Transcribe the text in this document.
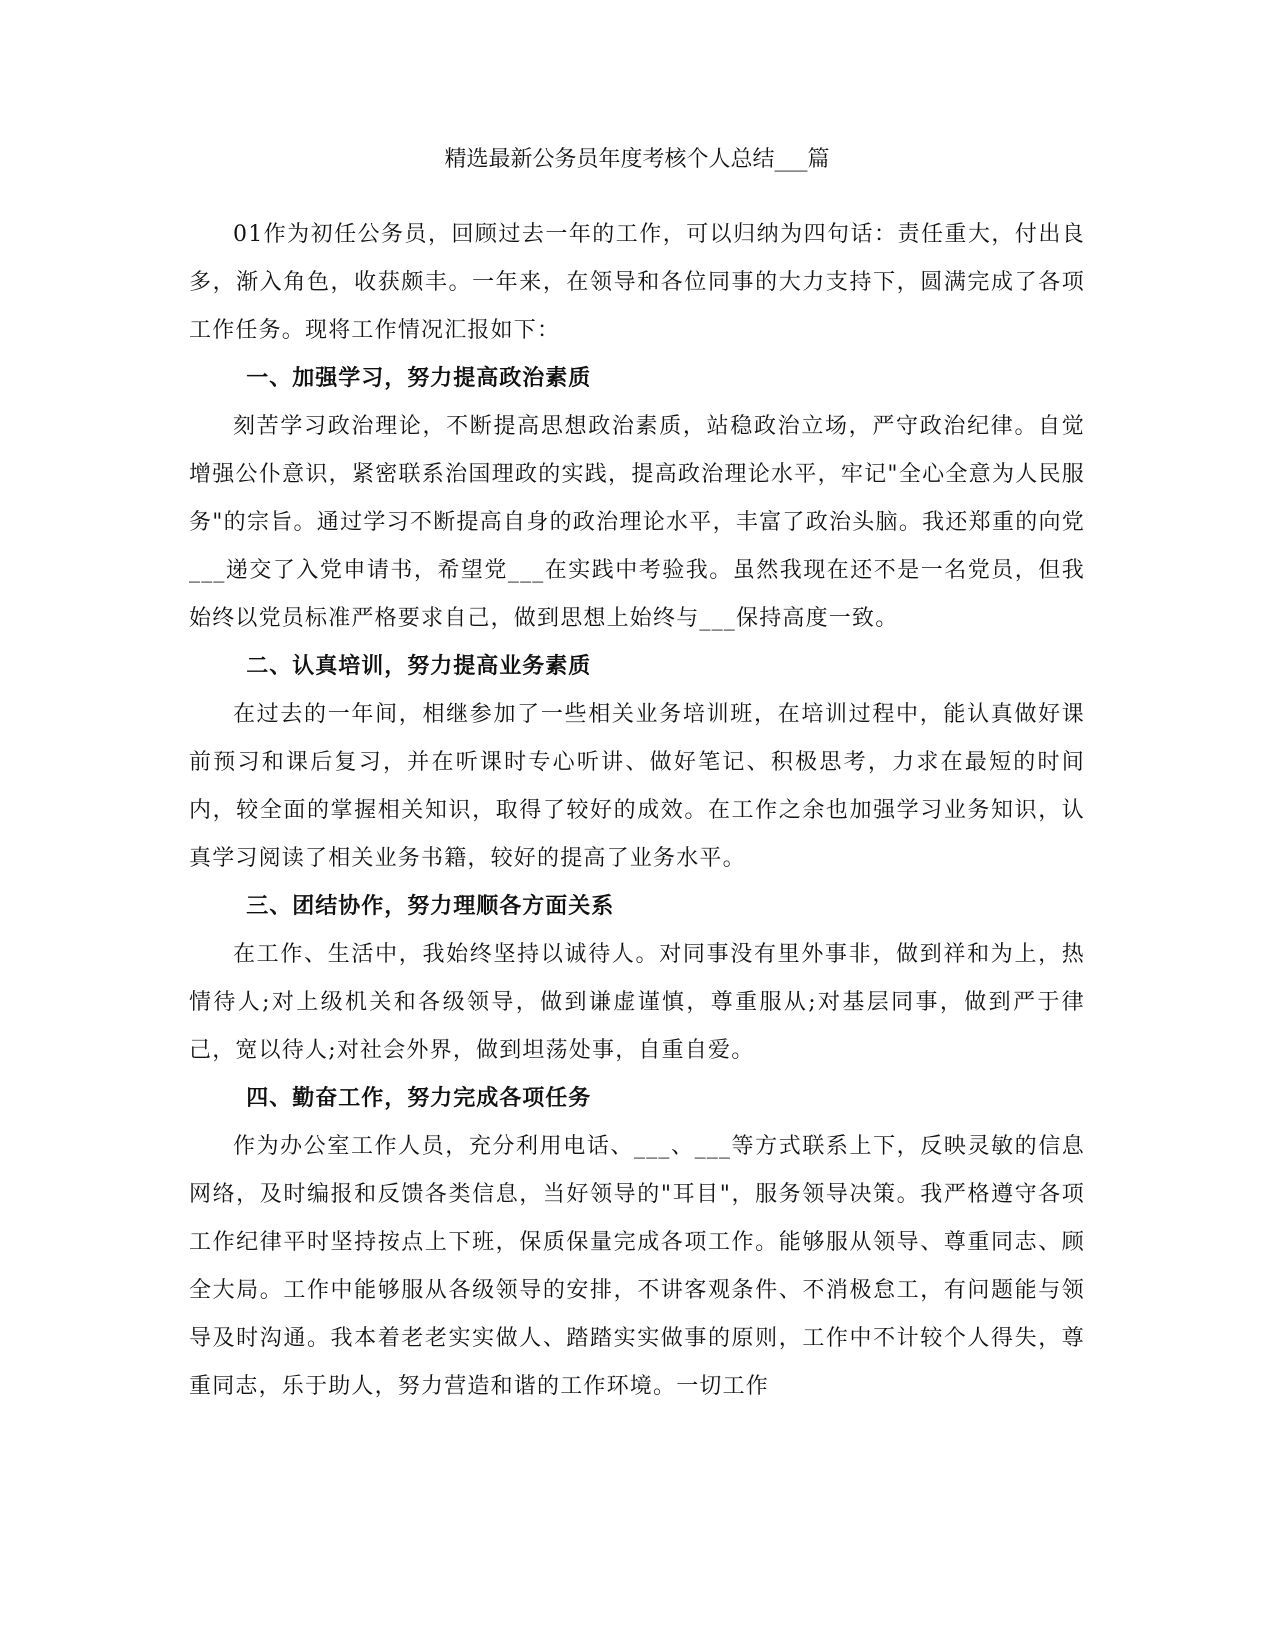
精选最新公务员年度考核个人总结___篇

01作为初任公务员，回顾过去一年的工作，可以归纳为四句话：责任重大，付出良多，渐入角色，收获颇丰。一年来，在领导和各位同事的大力支持下，圆满完成了各项工作任务。现将工作情况汇报如下：

一、加强学习，努力提高政治素质

刻苦学习政治理论，不断提高思想政治素质，站稳政治立场，严守政治纪律。自觉增强公仆意识，紧密联系治国理政的实践，提高政治理论水平，牢记"全心全意为人民服务"的宗旨。通过学习不断提高自身的政治理论水平，丰富了政治头脑。我还郑重的向党___递交了入党申请书，希望党___在实践中考验我。虽然我现在还不是一名党员，但我始终以党员标准严格要求自己，做到思想上始终与___保持高度一致。

二、认真培训，努力提高业务素质

在过去的一年间，相继参加了一些相关业务培训班，在培训过程中，能认真做好课前预习和课后复习，并在听课时专心听讲、做好笔记、积极思考，力求在最短的时间内，较全面的掌握相关知识，取得了较好的成效。在工作之余也加强学习业务知识，认真学习阅读了相关业务书籍，较好的提高了业务水平。

三、团结协作，努力理顺各方面关系

在工作、生活中，我始终坚持以诚待人。对同事没有里外事非，做到祥和为上，热情待人;对上级机关和各级领导，做到谦虚谨慎，尊重服从;对基层同事，做到严于律己，宽以待人;对社会外界，做到坦荡处事，自重自爱。

四、勤奋工作，努力完成各项任务

作为办公室工作人员，充分利用电话、___、___等方式联系上下，反映灵敏的信息网络，及时编报和反馈各类信息，当好领导的"耳目"，服务领导决策。我严格遵守各项工作纪律平时坚持按点上下班，保质保量完成各项工作。能够服从领导、尊重同志、顾全大局。工作中能够服从各级领导的安排，不讲客观条件、不消极怠工，有问题能与领导及时沟通。我本着老老实实做人、踏踏实实做事的原则，工作中不计较个人得失，尊重同志，乐于助人，努力营造和谐的工作环境。一切工作
